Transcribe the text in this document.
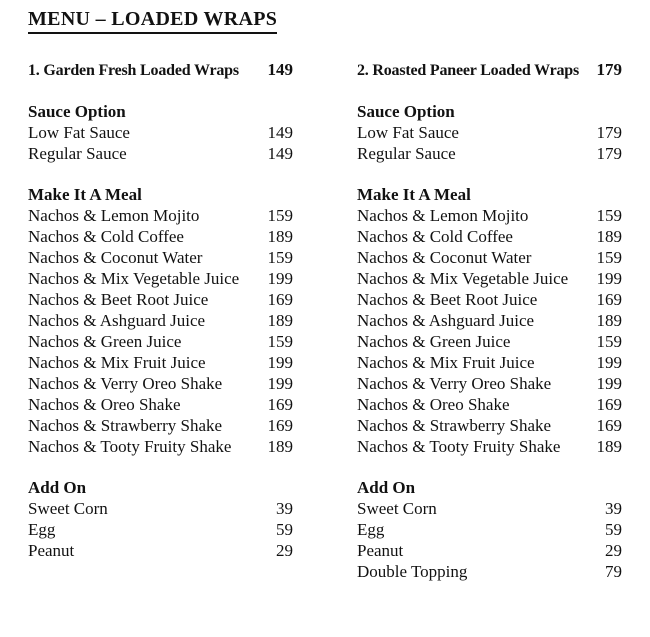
MENU – LOADED WRAPS
1. Garden Fresh Loaded Wraps	149
Sauce Option
Low Fat Sauce	149
Regular Sauce	149
Make It A Meal
Nachos & Lemon Mojito	159
Nachos & Cold Coffee	189
Nachos & Coconut Water	159
Nachos & Mix Vegetable Juice	199
Nachos & Beet Root Juice	169
Nachos & Ashguard Juice	189
Nachos & Green Juice	159
Nachos & Mix Fruit Juice	199
Nachos & Verry Oreo Shake	199
Nachos & Oreo Shake	169
Nachos & Strawberry Shake	169
Nachos & Tooty Fruity Shake	189
Add On
Sweet Corn	39
Egg	59
Peanut	29
2. Roasted Paneer Loaded Wraps	179
Sauce Option
Low Fat Sauce	179
Regular Sauce	179
Make It A Meal
Nachos & Lemon Mojito	159
Nachos & Cold Coffee	189
Nachos & Coconut Water	159
Nachos & Mix Vegetable Juice	199
Nachos & Beet Root Juice	169
Nachos & Ashguard Juice	189
Nachos & Green Juice	159
Nachos & Mix Fruit Juice	199
Nachos & Verry Oreo Shake	199
Nachos & Oreo Shake	169
Nachos & Strawberry Shake	169
Nachos & Tooty Fruity Shake	189
Add On
Sweet Corn	39
Egg	59
Peanut	29
Double Topping	79
